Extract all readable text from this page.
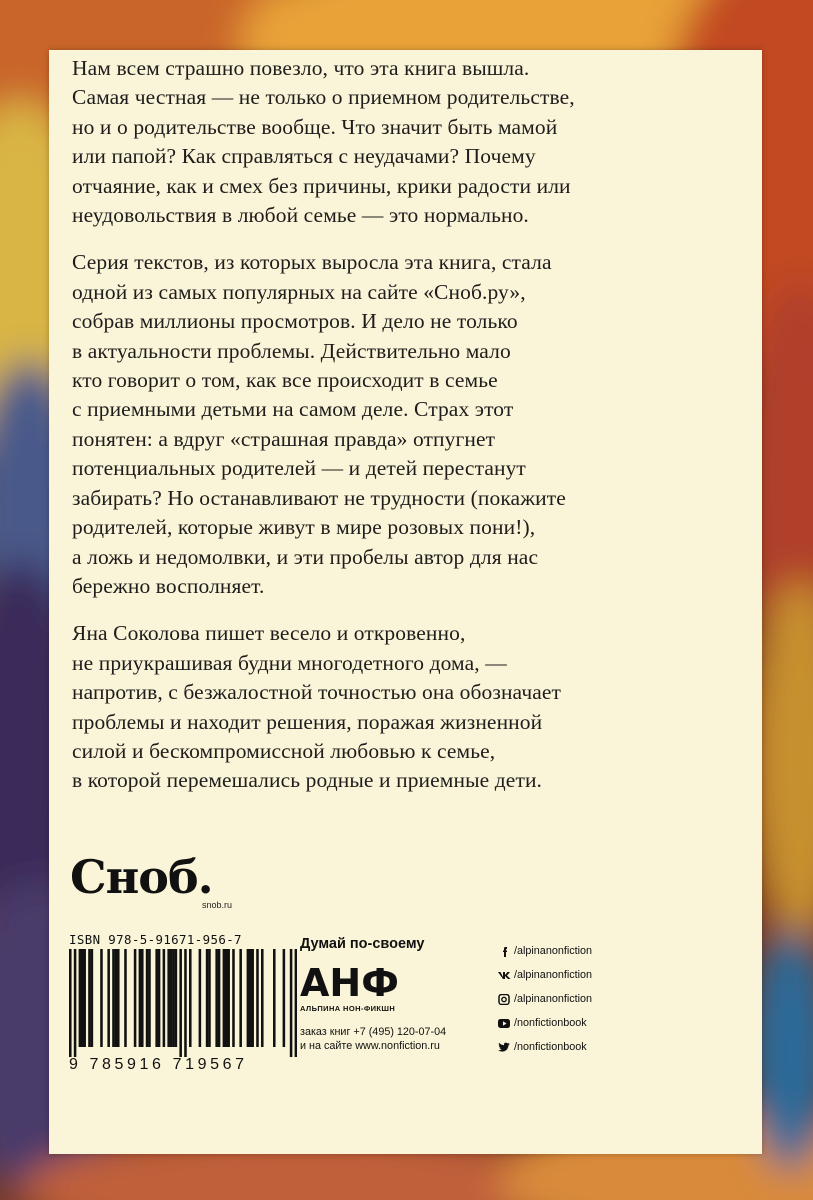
Нам всем страшно повезло, что эта книга вышла.
Самая честная — не только о приемном родительстве,
но и о родительстве вообще. Что значит быть мамой
или папой? Как справляться с неудачами? Почему
отчаяние, как и смех без причины, крики радости или
неудовольствия в любой семье — это нормально.

Серия текстов, из которых выросла эта книга, стала
одной из самых популярных на сайте «Сноб.ру»,
собрав миллионы просмотров. И дело не только
в актуальности проблемы. Действительно мало
кто говорит о том, как все происходит в семье
с приемными детьми на самом деле. Страх этот
понятен: а вдруг «страшная правда» отпугнет
потенциальных родителей — и детей перестанут
забирать? Но останавливают не трудности (покажите
родителей, которые живут в мире розовых пони!),
а ложь и недомолвки, и эти пробелы автор для нас
бережно восполняет.

Яна Соколова пишет весело и откровенно,
не приукрашивая будни многодетного дома, —
напротив, с безжалостной точностью она обозначает
проблемы и находит решения, поражая жизненной
силой и бескомпромиссной любовью к семье,
в которой перемешались родные и приемные дети.

Сноб.
snob.ru
ISBN 978-5-91671-956-7
9 785916 719567
Думай по-своему
АНФ
АЛЬПИНА НОН-ФИКШН
заказ книг +7 (495) 120-07-04
и на сайте www.nonfiction.ru
/alpinanonfiction
/alpinanonfiction
/alpinanonfiction
/nonfictionbook
/nonfictionbook
